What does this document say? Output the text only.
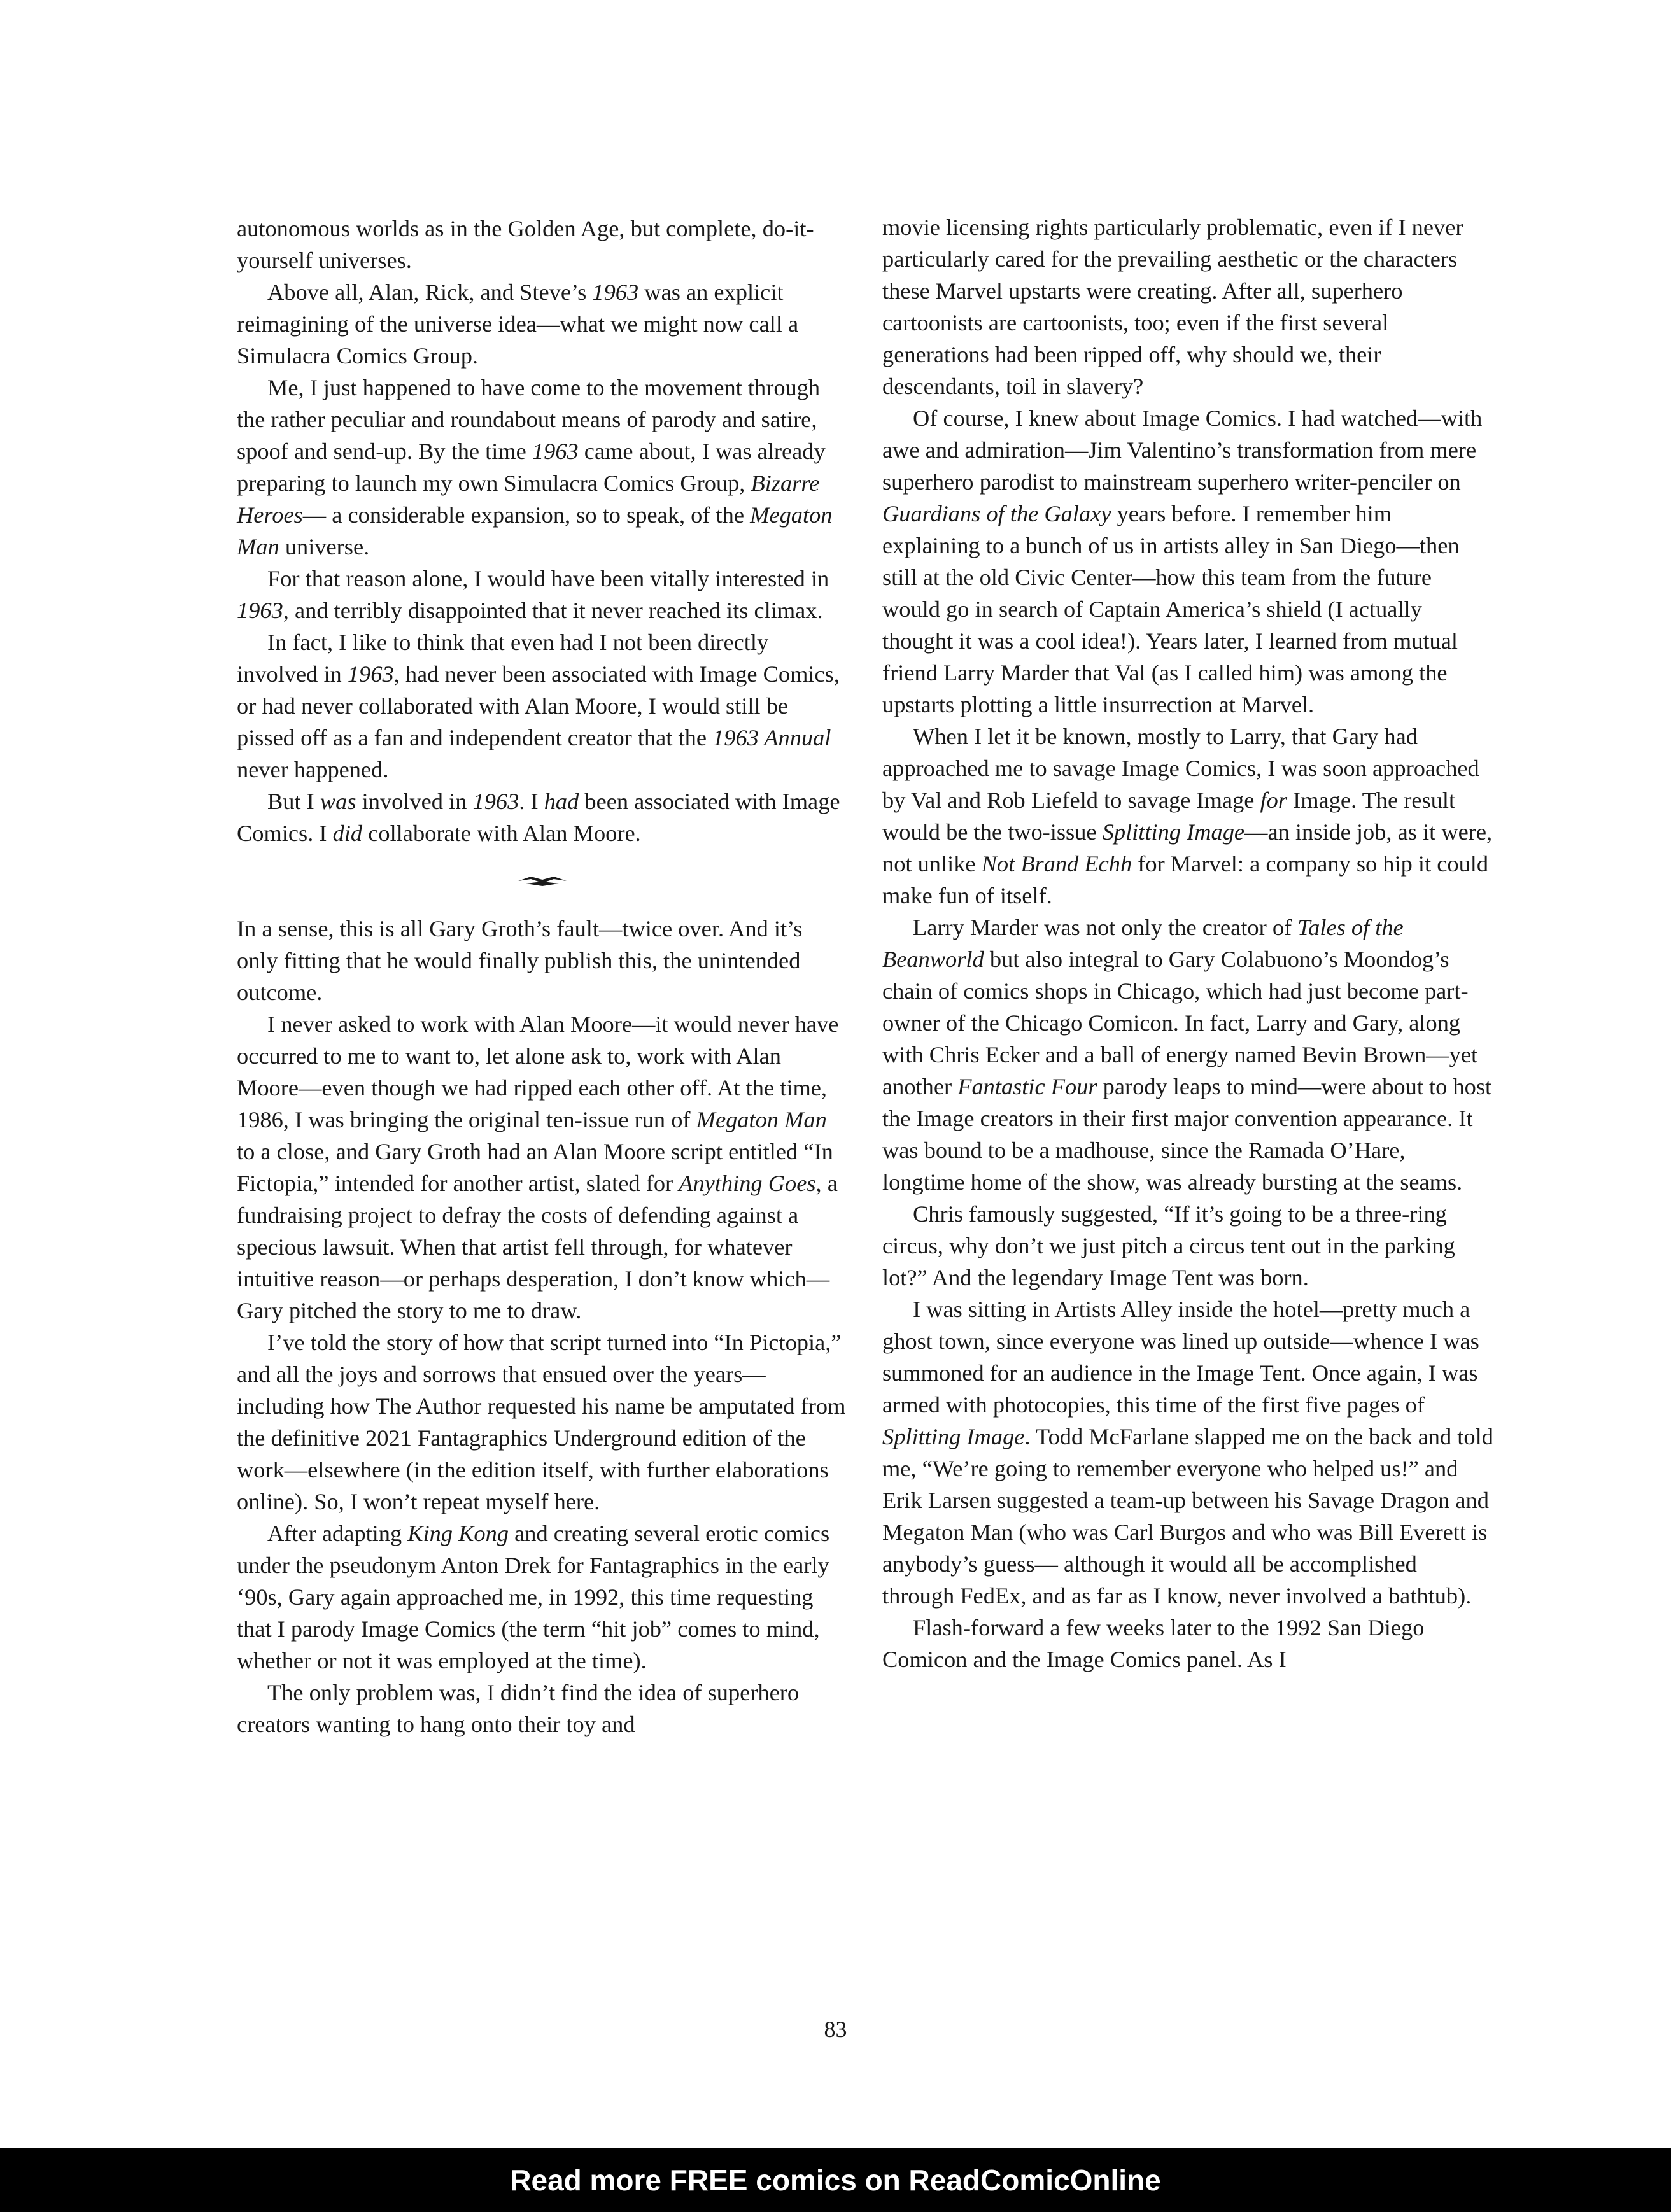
autonomous worlds as in the Golden Age, but complete, do-it-yourself universes.

Above all, Alan, Rick, and Steve’s 1963 was an explicit reimagining of the universe idea—what we might now call a Simulacra Comics Group.

Me, I just happened to have come to the movement through the rather peculiar and roundabout means of parody and satire, spoof and send-up. By the time 1963 came about, I was already preparing to launch my own Simulacra Comics Group, Bizarre Heroes— a considerable expansion, so to speak, of the Megaton Man universe.

For that reason alone, I would have been vitally interested in 1963, and terribly disappointed that it never reached its climax.

In fact, I like to think that even had I not been directly involved in 1963, had never been associated with Image Comics, or had never collaborated with Alan Moore, I would still be pissed off as a fan and independent creator that the 1963 Annual never happened.

But I was involved in 1963. I had been associated with Image Comics. I did collaborate with Alan Moore.

In a sense, this is all Gary Groth’s fault—twice over. And it’s only fitting that he would finally publish this, the unintended outcome.

I never asked to work with Alan Moore—it would never have occurred to me to want to, let alone ask to, work with Alan Moore—even though we had ripped each other off. At the time, 1986, I was bringing the original ten-issue run of Megaton Man to a close, and Gary Groth had an Alan Moore script entitled “In Fictopia,” intended for another artist, slated for Anything Goes, a fundraising project to defray the costs of defending against a specious lawsuit. When that artist fell through, for whatever intuitive reason—or perhaps desperation, I don’t know which—Gary pitched the story to me to draw.

I’ve told the story of how that script turned into “In Pictopia,” and all the joys and sorrows that ensued over the years—including how The Author requested his name be amputated from the definitive 2021 Fantagraphics Underground edition of the work—elsewhere (in the edition itself, with further elaborations online). So, I won’t repeat myself here.

After adapting King Kong and creating several erotic comics under the pseudonym Anton Drek for Fantagraphics in the early ‘90s, Gary again approached me, in 1992, this time requesting that I parody Image Comics (the term “hit job” comes to mind, whether or not it was employed at the time).

The only problem was, I didn’t find the idea of superhero creators wanting to hang onto their toy and

movie licensing rights particularly problematic, even if I never particularly cared for the prevailing aesthetic or the characters these Marvel upstarts were creating. After all, superhero cartoonists are cartoonists, too; even if the first several generations had been ripped off, why should we, their descendants, toil in slavery?

Of course, I knew about Image Comics. I had watched—with awe and admiration—Jim Valentino’s transformation from mere superhero parodist to mainstream superhero writer-penciler on Guardians of the Galaxy years before. I remember him explaining to a bunch of us in artists alley in San Diego—then still at the old Civic Center—how this team from the future would go in search of Captain America’s shield (I actually thought it was a cool idea!). Years later, I learned from mutual friend Larry Marder that Val (as I called him) was among the upstarts plotting a little insurrection at Marvel.

When I let it be known, mostly to Larry, that Gary had approached me to savage Image Comics, I was soon approached by Val and Rob Liefeld to savage Image for Image. The result would be the two-issue Splitting Image—an inside job, as it were, not unlike Not Brand Echh for Marvel: a company so hip it could make fun of itself.

Larry Marder was not only the creator of Tales of the Beanworld but also integral to Gary Colabuono’s Moondog’s chain of comics shops in Chicago, which had just become part-owner of the Chicago Comicon. In fact, Larry and Gary, along with Chris Ecker and a ball of energy named Bevin Brown—yet another Fantastic Four parody leaps to mind—were about to host the Image creators in their first major convention appearance. It was bound to be a madhouse, since the Ramada O’Hare, longtime home of the show, was already bursting at the seams.

Chris famously suggested, “If it’s going to be a three-ring circus, why don’t we just pitch a circus tent out in the parking lot?” And the legendary Image Tent was born.

I was sitting in Artists Alley inside the hotel—pretty much a ghost town, since everyone was lined up outside—whence I was summoned for an audience in the Image Tent. Once again, I was armed with photocopies, this time of the first five pages of Splitting Image. Todd McFarlane slapped me on the back and told me, “We’re going to remember everyone who helped us!” and Erik Larsen suggested a team-up between his Savage Dragon and Megaton Man (who was Carl Burgos and who was Bill Everett is anybody’s guess— although it would all be accomplished through FedEx, and as far as I know, never involved a bathtub).

Flash-forward a few weeks later to the 1992 San Diego Comicon and the Image Comics panel. As I

83
Read more FREE comics on ReadComicOnline
